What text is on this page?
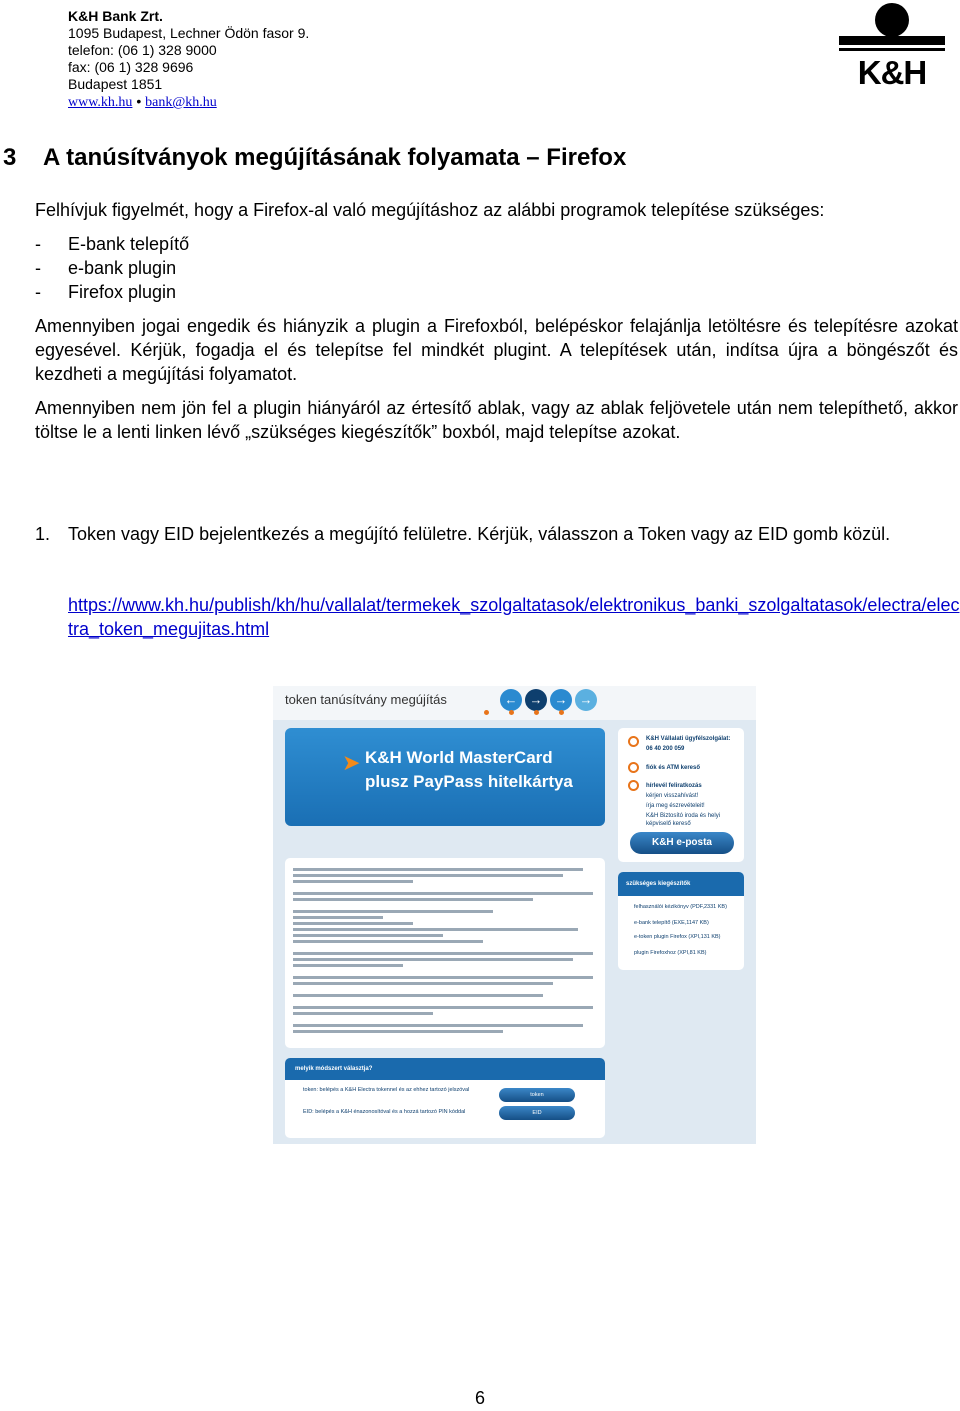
K&H Bank Zrt.
1095 Budapest, Lechner Ödön fasor 9.
telefon: (06 1) 328 9000
fax: (06 1) 328 9696
Budapest 1851
www.kh.hu • bank@kh.hu
K&H
3 A tanúsítványok megújításának folyamata – Firefox

Felhívjuk figyelmét, hogy a Firefox-al való megújításhoz az alábbi programok telepítése szükséges:

- E-bank telepítő
- e-bank plugin
- Firefox plugin

Amennyiben jogai engedik és hiányzik a plugin a Firefoxból, belépéskor felajánlja letöltésre és telepítésre azokat egyesével. Kérjük, fogadja el és telepítse fel mindkét plugint. A telepítések után, indítsa újra a böngészőt és kezdheti a megújítási folyamatot.

Amennyiben nem jön fel a plugin hiányáról az értesítő ablak, vagy az ablak feljövetele után nem telepíthető, akkor töltse le a lenti linken lévő „szükséges kiegészítők” boxból, majd telepítse azokat.

1. Token vagy EID bejelentkezés a megújító felületre. Kérjük, válasszon a Token vagy az EID gomb közül.

https://www.kh.hu/publish/kh/hu/vallalat/termekek_szolgaltatasok/elektronikus_banki_szolgaltatasok/electra/electra_token_megujitas.html
token tanúsítvány megújítás	← → → →
➤ K&H World MasterCard
plusz PayPass hitelkártya
K&H Vállalati ügyfélszolgálat:
06 40 200 059
fiók és ATM kereső
hírlevél feliratkozás
kérjen visszahívást!
írja meg észrevételeit!
K&H Biztosító iroda és helyi képviselő kereső
K&H e-posta
szükséges kiegészítők
felhasználói kézikönyv (PDF,2331 KB)
e-bank telepítő (EXE,1147 KB)
e-token plugin Firefox (XPI,131 KB)
plugin Firefoxhoz (XPI,81 KB)
melyik módszert választja?
token: belépés a K&H Electra tokennel és az ehhez tartozó jelszóval
token
EID: belépés a K&H énazonosítóval és a hozzá tartozó PIN kóddal	EID
6
